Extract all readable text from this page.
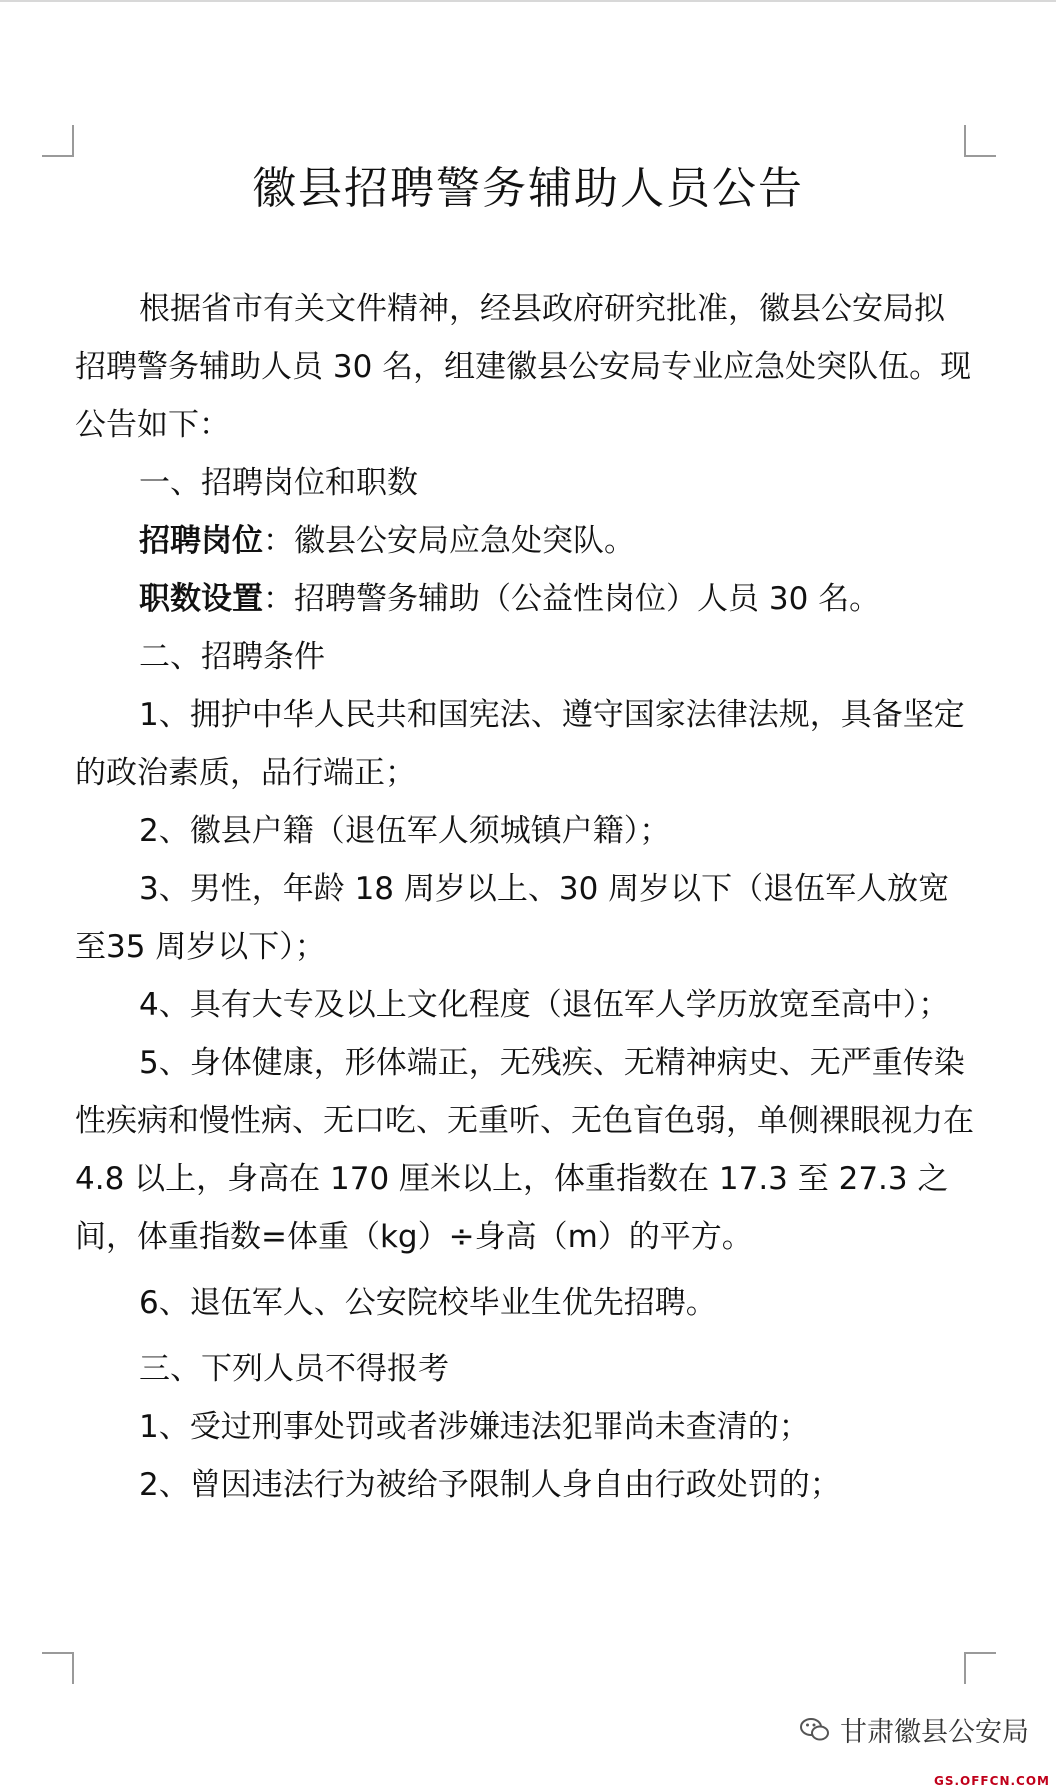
徽县招聘警务辅助人员公告

根据省市有关文件精神，经县政府研究批准，徽县公安局拟招聘警务辅助人员 30 名，组建徽县公安局专业应急处突队伍。现公告如下：

一、招聘岗位和职数

招聘岗位：徽县公安局应急处突队。

职数设置：招聘警务辅助（公益性岗位）人员 30 名。

二、招聘条件

1、拥护中华人民共和国宪法、遵守国家法律法规，具备坚定的政治素质，品行端正；

2、徽县户籍（退伍军人须城镇户籍）；

3、男性，年龄 18 周岁以上、30 周岁以下（退伍军人放宽至35 周岁以下）；

4、具有大专及以上文化程度（退伍军人学历放宽至高中）；

5、身体健康，形体端正，无残疾、无精神病史、无严重传染性疾病和慢性病、无口吃、无重听、无色盲色弱，单侧裸眼视力在 4.8 以上，身高在 170 厘米以上，体重指数在 17.3 至 27.3 之间，体重指数=体重（kg）÷身高（m）的平方。

6、退伍军人、公安院校毕业生优先招聘。

三、下列人员不得报考

1、受过刑事处罚或者涉嫌违法犯罪尚未查清的；

2、曾因违法行为被给予限制人身自由行政处罚的；

甘肃徽县公安局
GS.OFFCN.COM
